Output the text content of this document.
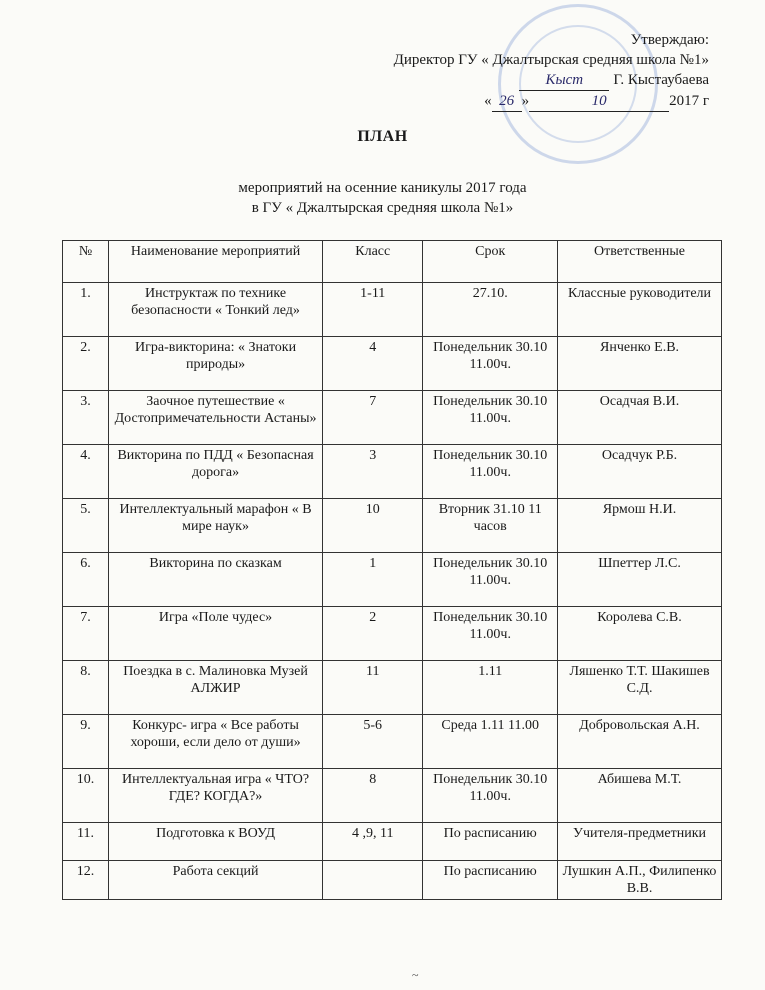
Утверждаю:
Директор ГУ « Джалтырская средняя школа №1»
Кыст Г. Кыстаубаева
« 26 »	10	2017 г
ПЛАН
мероприятий на осенние каникулы 2017 года
в ГУ « Джалтырская средняя школа №1»
№	Наименование мероприятий	Класс	Срок	Ответственные
1.	Инструктаж по технике безопасности « Тонкий лед»	1-11	27.10.	Классные руководители
2.	Игра-викторина: « Знатоки природы»	4	Понедельник 30.10 11.00ч.	Янченко Е.В.
3.	Заочное путешествие « Достопримечательности Астаны»	7	Понедельник 30.10 11.00ч.	Осадчая В.И.
4.	Викторина по ПДД « Безопасная дорога»	3	Понедельник 30.10 11.00ч.	Осадчук Р.Б.
5.	Интеллектуальный марафон « В мире наук»	10	Вторник 31.10 11 часов	Ярмош Н.И.
6.	Викторина по сказкам	1	Понедельник 30.10 11.00ч.	Шпеттер Л.С.
7.	Игра «Поле чудес»	2	Понедельник 30.10 11.00ч.	Королева С.В.
8.	Поездка в с. Малиновка Музей АЛЖИР	11	1.11	Ляшенко Т.Т. Шакишев С.Д.
9.	Конкурс- игра « Все работы хороши, если дело от души»	5-6	Среда 1.11 11.00	Добровольская А.Н.
10.	Интеллектуальная игра « ЧТО? ГДЕ? КОГДА?»	8	Понедельник 30.10 11.00ч.	Абишева М.Т.
11.	Подготовка к ВОУД	4 ,9, 11	По расписанию	Учителя-предметники
12.	Работа секций		По расписанию	Лушкин А.П., Филипенко В.В.
~
